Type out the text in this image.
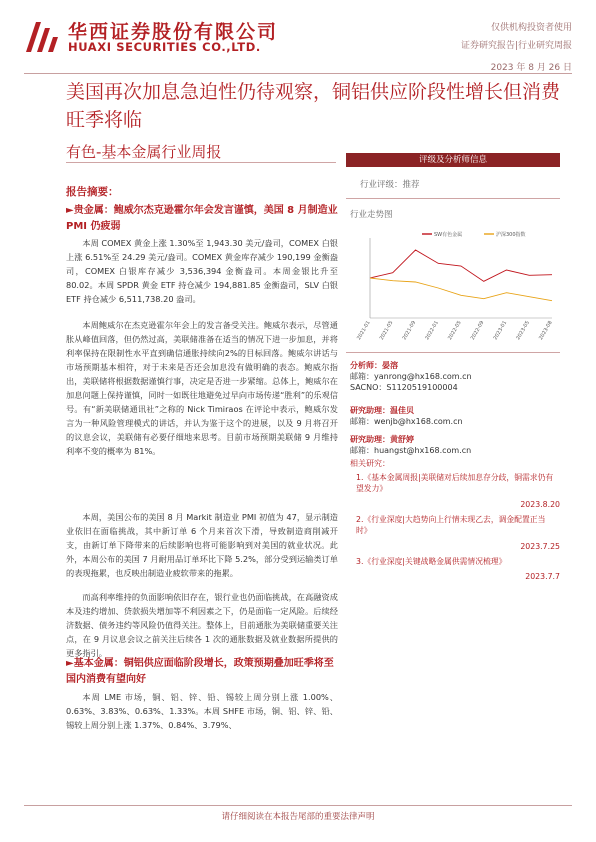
华西证券股份有限公司
HUAXI SECURITIES CO.,LTD.
仅供机构投资者使用
证券研究报告|行业研究周报
2023 年 8 月 26 日
美国再次加息急迫性仍待观察，铜铝供应阶段性增长但消费旺季将临
有色-基本金属行业周报
报告摘要：
►贵金属：鲍威尔杰克逊霍尔年会发言谨慎，美国 8 月制造业 PMI 仍疲弱

本周 COMEX 黄金上涨 1.30%至 1,943.30 美元/盎司，COMEX 白银上涨 6.51%至 24.29 美元/盎司。COMEX 黄金库存减少 190,199 金衡盎司，COMEX 白银库存减少 3,536,394 金衡盎司。本周金银比升至 80.02。本周 SPDR 黄金 ETF 持仓减少 194,881.85 金衡盎司，SLV 白银 ETF 持仓减少 6,511,738.20 盎司。

本周鲍威尔在杰克逊霍尔年会上的发言备受关注。鲍威尔表示，尽管通胀从峰值回落，但仍然过高，美联储准备在适当的情况下进一步加息，并将利率保持在限制性水平直到确信通胀持续向2%的目标回落。鲍威尔讲话与市场预期基本相符，对于未来是否还会加息没有做明确的表态。鲍威尔指出，美联储将根据数据谨慎行事，决定是否进一步紧缩。总体上，鲍威尔在加息问题上保持谨慎，同时一如既往地避免过早向市场传递“胜利”的乐观信号。有“新美联储通讯社”之称的 Nick Timiraos 在评论中表示，鲍威尔发言为一种风险管理模式的讲话，并认为鉴于这个的进展，以及 9 月将召开的议息会议，美联储有必要仔细地来思考。目前市场预期美联储 9 月维持利率不变的概率为 81%。

本周，美国公布的美国 8 月 Markit 制造业 PMI 初值为 47，显示制造业依旧在面临挑战，其中新订单 6 个月来首次下滑，导致制造商削减开支，由新订单下降带来的后续影响也将可能影响到对美国的就业状况。此外，本周公布的美国 7 月耐用品订单环比下降 5.2%，部分受到运输类订单的表现拖累，也反映出制造业疲软带来的拖累。

而高利率维持的负面影响依旧存在，银行业也仍面临挑战，在高融资成本及违约增加、贷款损失增加等不利因素之下，仍是面临一定风险。后续经济数据、债务违约等风险仍值得关注。整体上，目前通胀为美联储重要关注点，在 9 月议息会议之前关注后续各 1 次的通胀数据及就业数据所提供的更多指引。

►基本金属：铜铝供应面临阶段增长，政策预期叠加旺季将至国内消费有望向好

本周 LME 市场，铜、铝、锌、铅、锡较上周分别上涨 1.00%、0.63%、3.83%、0.63%、1.33%。本周 SHFE 市场，铜、铝、锌、铅、锡较上周分别上涨 1.37%、0.84%、3.79%、

评级及分析师信息
行业评级：推荐
行业走势图
2021-01 2021-05 2021-09 2022-01 2022-05 2022-09 2023-01 2023-05 2023-08
SW有色金属	沪深300指数
分析师：晏溶
邮箱：yanrong@hx168.com.cn
SACNO：S1120519100004
研究助理：温佳贝
邮箱：wenjb@hx168.com.cn
研究助理：黄舒婷
邮箱：huangst@hx168.com.cn
相关研究：
1.《基本金属周报|美联储对后续加息存分歧，铜需求仍有望发力》
2023.8.20
2.《行业深度|大趋势向上行情未现乙去，调金配置正当时》
2023.7.25
3.《行业深度|关键战略金属供需情况梳理》
2023.7.7
请仔细阅读在本报告尾部的重要法律声明
